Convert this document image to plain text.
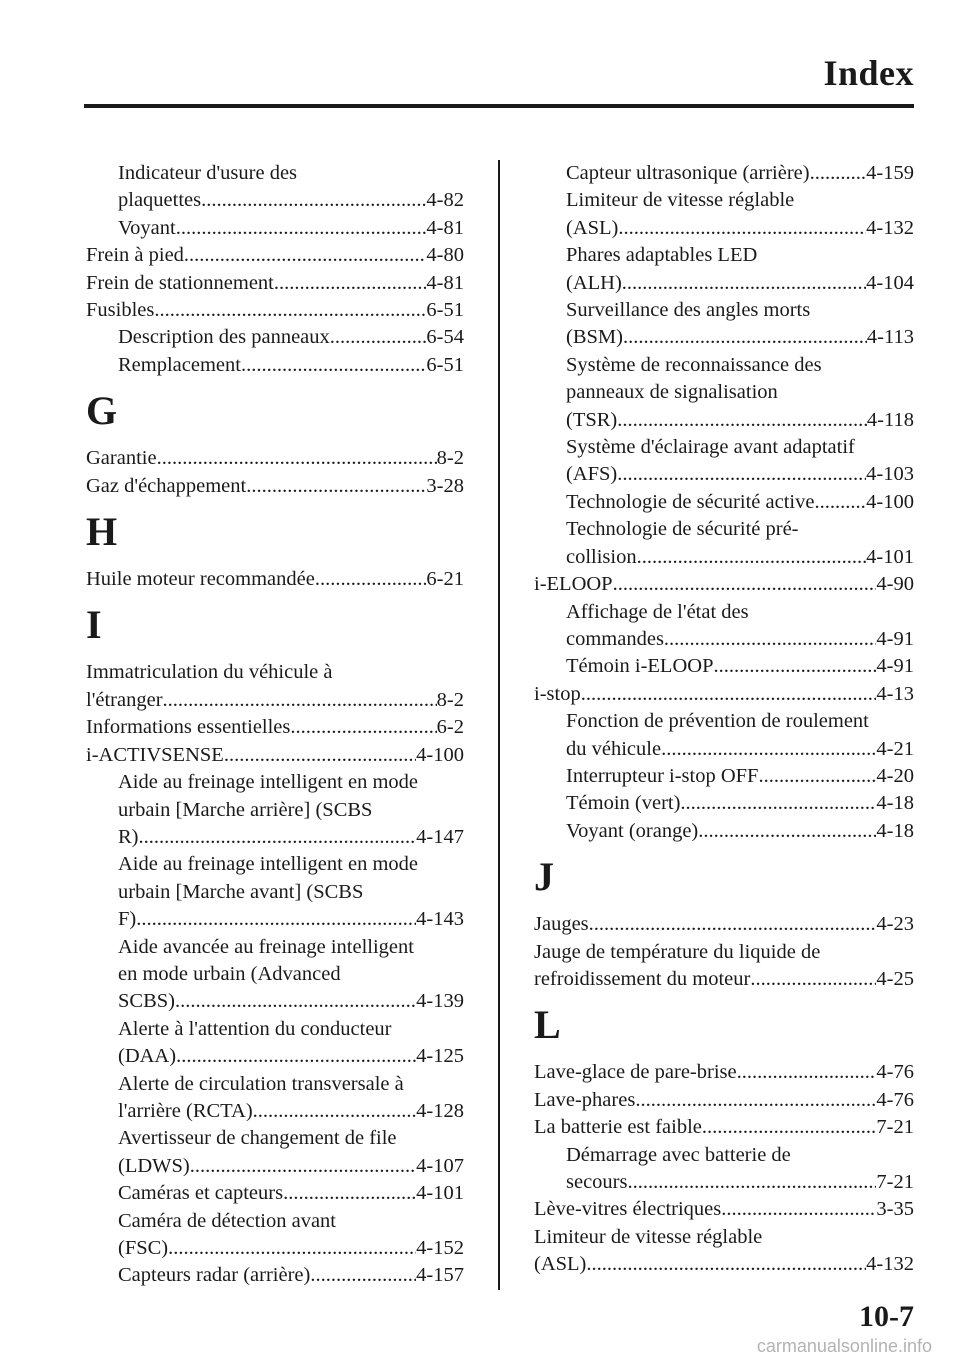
Index
Indicateur d'usure des
plaquettes .....	4-82
Voyant .....	4-81
Frein à pied .....	4-80
Frein de stationnement .....	4-81
Fusibles .....	6-51
Description des panneaux .....	6-54
Remplacement .....	6-51
G
Garantie .....	8-2
Gaz d'échappement .....	3-28
H
Huile moteur recommandée .....	6-21
I
Immatriculation du véhicule à
l'étranger .....	8-2
Informations essentielles .....	6-2
i-ACTIVSENSE .....	4-100
Aide au freinage intelligent en mode
urbain [Marche arrière] (SCBS
R) .....	4-147
Aide au freinage intelligent en mode
urbain [Marche avant] (SCBS
F) .....	4-143
Aide avancée au freinage intelligent
en mode urbain (Advanced
SCBS) .....	4-139
Alerte à l'attention du conducteur
(DAA) .....	4-125
Alerte de circulation transversale à
l'arrière (RCTA) .....	4-128
Avertisseur de changement de file
(LDWS) .....	4-107
Caméras et capteurs .....	4-101
Caméra de détection avant
(FSC) .....	4-152
Capteurs radar (arrière) .....	4-157
Capteur ultrasonique (arrière) .....	4-159
Limiteur de vitesse réglable
(ASL) .....	4-132
Phares adaptables LED
(ALH) .....	4-104
Surveillance des angles morts
(BSM) .....	4-113
Système de reconnaissance des
panneaux de signalisation
(TSR) .....	4-118
Système d'éclairage avant adaptatif
(AFS) .....	4-103
Technologie de sécurité active .....	4-100
Technologie de sécurité pré-
collision .....	4-101
i-ELOOP .....	4-90
Affichage de l'état des
commandes .....	4-91
Témoin i-ELOOP .....	4-91
i-stop .....	4-13
Fonction de prévention de roulement
du véhicule .....	4-21
Interrupteur i-stop OFF .....	4-20
Témoin (vert) .....	4-18
Voyant (orange) .....	4-18
J
Jauges .....	4-23
Jauge de température du liquide de
refroidissement du moteur .....	4-25
L
Lave-glace de pare-brise .....	4-76
Lave-phares .....	4-76
La batterie est faible .....	7-21
Démarrage avec batterie de
secours .....	7-21
Lève-vitres électriques .....	3-35
Limiteur de vitesse réglable
(ASL) .....	4-132
10-7
carmanualsonline.info
